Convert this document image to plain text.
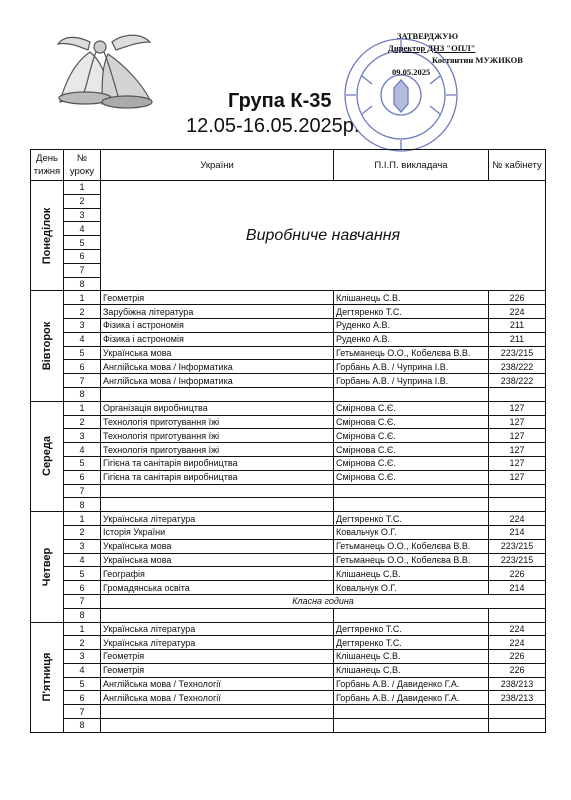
ЗАТВЕРДЖУЮ
Директор ДНЗ "ОПЛ"
Костянтин МУЖИКОВ
09.05.2025
Група К-35
12.05-16.05.2025р.
День тижня	№ уроку	України	П.І.П. викладача	№ кабінету

Понеділок	1	Виробниче навчання		
	2			
	3			
	4			
	5			
	6			
	7			
	8			

Вівторок	1	Геометрія	Клішанець С.В.	226
	2	Зарубіжна література	Дегтяренко Т.С.	224
	3	Фізика і астрономія	Руденко А.В.	211
	4	Фізика і астрономія	Руденко А.В.	211
	5	Українська мова	Гетьманець О.О., Кобелєва В.В.	223/215
	6	Англійська мова / Інформатика	Горбань А.В. / Чуприна І.В.	238/222
	7	Англійська мова / Інформатика	Горбань А.В. / Чуприна І.В.	238/222
	8			

Середа	1	Організація виробництва	Смірнова С.Є.	127
	2	Технологія приготування їжі	Смірнова С.Є.	127
	3	Технологія приготування їжі	Смірнова С.Є.	127
	4	Технологія приготування їжі	Смірнова С.Є.	127
	5	Гігієна та санітарія виробництва	Смірнова С.Є.	127
	6	Гігієна та санітарія виробництва	Смірнова С.Є.	127
	7			
	8			

Четвер	1	Українська література	Дегтяренко Т.С.	224
	2	Історія України	Ковальчук О.Г.	214
	3	Українська мова	Гетьманець О.О., Кобелєва В.В.	223/215
	4	Українська мова	Гетьманець О.О., Кобелєва В.В.	223/215
	5	Географія	Клішанець С.В.	226
	6	Громадянська освіта	Ковальчук О.Г.	214
	7	Класна година		
	8			

П'ятниця	1	Українська література	Дегтяренко Т.С.	224
	2	Українська література	Дегтяренко Т.С.	224
	3	Геометрія	Клішанець С.В.	226
	4	Геометрія	Клішанець С.В.	226
	5	Англійська мова / Технології	Горбань А.В. / Давиденко Г.А.	238/213
	6	Англійська мова / Технології	Горбань А.В. / Давиденко Г.А.	238/213
	7			
	8			
